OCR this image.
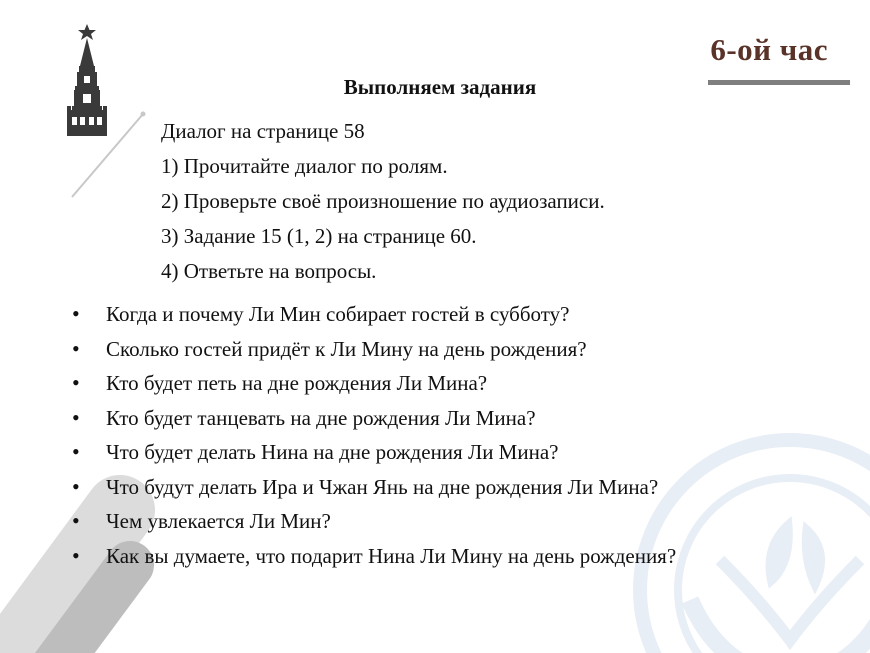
6-ой час
Выполняем задания
Диалог на странице 58
1) Прочитайте диалог по ролям.
2) Проверьте своё произношение по аудиозаписи.
3) Задание 15 (1, 2) на странице 60.
4) Ответьте на вопросы.
•	Когда и почему Ли Мин собирает гостей в субботу?
•	Сколько гостей придёт к Ли Мину на день рождения?
•	Кто будет петь на дне рождения Ли Мина?
•	Кто будет танцевать на дне рождения Ли Мина?
•	Что будет делать Нина на дне рождения Ли Мина?
•	Что будут делать Ира и Чжан Янь на дне рождения Ли Мина?
•	Чем увлекается Ли Мин?
•	Как вы думаете, что подарит Нина Ли Мину на день рождения?
